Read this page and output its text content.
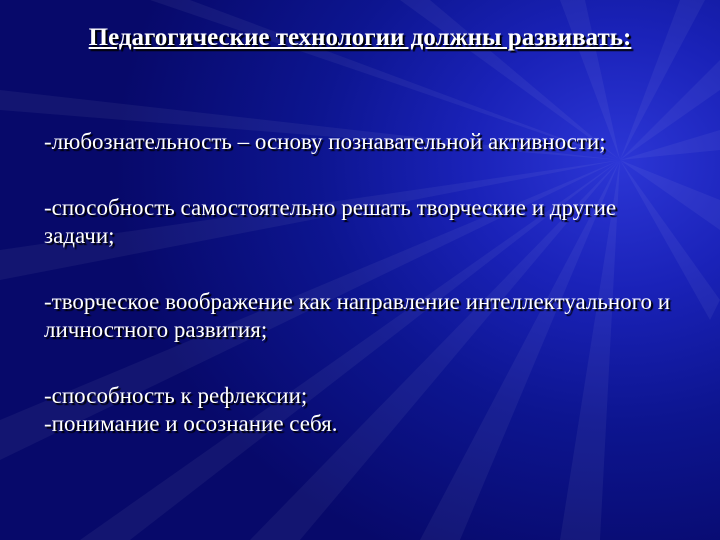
Педагогические технологии должны развивать:

-любознательность – основу познавательной активности;

-способность самостоятельно решать творческие и другие задачи;

-творческое воображение как направление интеллектуального и личностного развития;

-способность к рефлексии;

-понимание и осознание себя.
